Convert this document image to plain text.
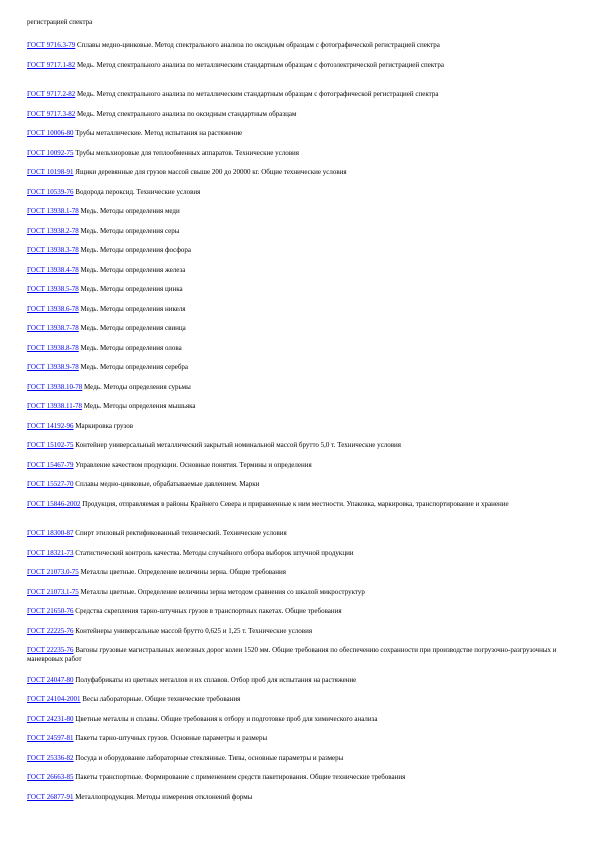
регистрацией спектра
ГОСТ 9716.3-79 Сплавы медно-цинковые. Метод спектрального анализа по оксидным образцам с фотографической регистрацией спектра
ГОСТ 9717.1-82 Медь. Метод спектрального анализа по металлическим стандартным образцам с фотоэлектрической регистрацией спектра
ГОСТ 9717.2-82 Медь. Метод спектрального анализа по металлическим стандартным образцам с фотографической регистрацией спектра
ГОСТ 9717.3-82 Медь. Метод спектрального анализа по оксидным стандартным образцам
ГОСТ 10006-80 Трубы металлические. Метод испытания на растяжение
ГОСТ 10092-75 Трубы мельхиоровые для теплообменных аппаратов. Технические условия
ГОСТ 10198-91 Ящики деревянные для грузов массой свыше 200 до 20000 кг. Общие технические условия
ГОСТ 10539-76 Водорода пероксид. Технические условия
ГОСТ 13938.1-78 Медь. Методы определения меди
ГОСТ 13938.2-78 Медь. Методы определения серы
ГОСТ 13938.3-78 Медь. Методы определения фосфора
ГОСТ 13938.4-78 Медь. Методы определения железа
ГОСТ 13938.5-78 Медь. Методы определения цинка
ГОСТ 13938.6-78 Медь. Методы определения никеля
ГОСТ 13938.7-78 Медь. Методы определения свинца
ГОСТ 13938.8-78 Медь. Методы определения олова
ГОСТ 13938.9-78 Медь. Методы определения серебра
ГОСТ 13938.10-78 Медь. Методы определения сурьмы
ГОСТ 13938.11-78 Медь. Методы определения мышьяка
ГОСТ 14192-96 Маркировка грузов
ГОСТ 15102-75 Контейнер универсальный металлический закрытый номинальной массой брутто 5,0 т. Технические условия
ГОСТ 15467-79 Управление качеством продукции. Основные понятия. Термины и определения
ГОСТ 15527-70 Сплавы медно-цинковые, обрабатываемые давлением. Марки
ГОСТ 15846-2002 Продукция, отправляемая в районы Крайнего Севера и приравненные к ним местности. Упаковка, маркировка, транспортирование и хранение
ГОСТ 18300-87 Спирт этиловый ректификованный технический. Технические условия
ГОСТ 18321-73 Статистический контроль качества. Методы случайного отбора выборок штучной продукции
ГОСТ 21073.0-75 Металлы цветные. Определение величины зерна. Общие требования
ГОСТ 21073.1-75 Металлы цветные. Определение величины зерна методом сравнения со шкалой микроструктур
ГОСТ 21650-76 Средства скрепления тарно-штучных грузов в транспортных пакетах. Общие требования
ГОСТ 22225-76 Контейнеры универсальные массой брутто 0,625 и 1,25 т. Технические условия
ГОСТ 22235-76 Вагоны грузовые магистральных железных дорог колеи 1520 мм. Общие требования по обеспечению сохранности при производстве погрузочно-разгрузочных и маневровых работ
ГОСТ 24047-80 Полуфабрикаты из цветных металлов и их сплавов. Отбор проб для испытания на растяжение
ГОСТ 24104-2001 Весы лабораторные. Общие технические требования
ГОСТ 24231-80 Цветные металлы и сплавы. Общие требования к отбору и подготовке проб для химического анализа
ГОСТ 24597-81 Пакеты тарно-штучных грузов. Основные параметры и размеры
ГОСТ 25336-82 Посуда и оборудование лабораторные стеклянные. Типы, основные параметры и размеры
ГОСТ 26663-85 Пакеты транспортные. Формирование с применением средств пакетирования. Общие технические требования
ГОСТ 26877-91 Металлопродукция. Методы измерения отклонений формы
